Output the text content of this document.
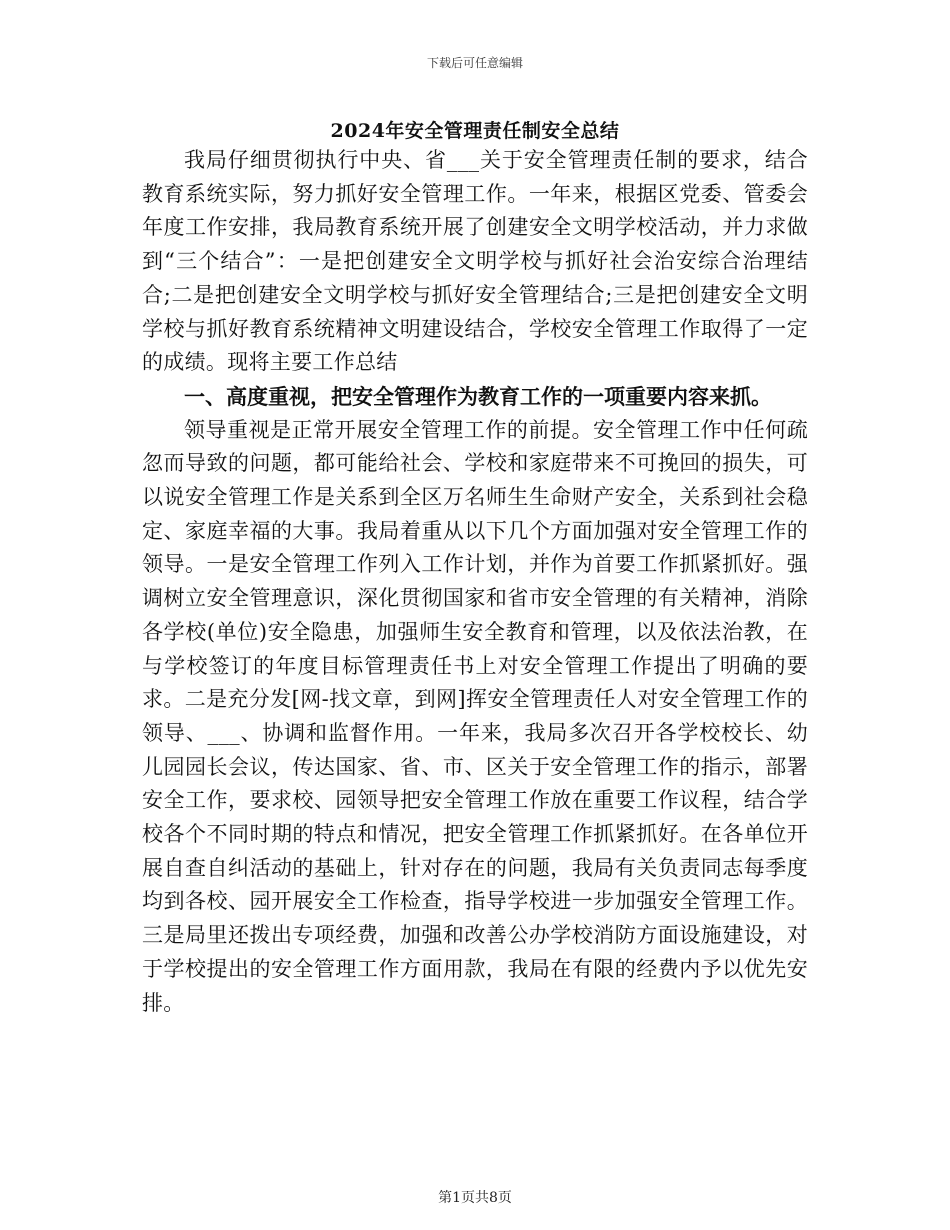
下载后可任意编辑
2024年安全管理责任制安全总结

我局仔细贯彻执行中央、省___关于安全管理责任制的要求，结合教育系统实际，努力抓好安全管理工作。一年来，根据区党委、管委会年度工作安排，我局教育系统开展了创建安全文明学校活动，并力求做到“三个结合”：一是把创建安全文明学校与抓好社会治安综合治理结合;二是把创建安全文明学校与抓好安全管理结合;三是把创建安全文明学校与抓好教育系统精神文明建设结合，学校安全管理工作取得了一定的成绩。现将主要工作总结

一、高度重视，把安全管理作为教育工作的一项重要内容来抓。

领导重视是正常开展安全管理工作的前提。安全管理工作中任何疏忽而导致的问题，都可能给社会、学校和家庭带来不可挽回的损失，可以说安全管理工作是关系到全区万名师生生命财产安全，关系到社会稳定、家庭幸福的大事。我局着重从以下几个方面加强对安全管理工作的领导。一是安全管理工作列入工作计划，并作为首要工作抓紧抓好。强调树立安全管理意识，深化贯彻国家和省市安全管理的有关精神，消除各学校(单位)安全隐患，加强师生安全教育和管理，以及依法治教，在与学校签订的年度目标管理责任书上对安全管理工作提出了明确的要求。二是充分发[网-找文章，到网]挥安全管理责任人对安全管理工作的领导、___、协调和监督作用。一年来，我局多次召开各学校校长、幼儿园园长会议，传达国家、省、市、区关于安全管理工作的指示，部署安全工作，要求校、园领导把安全管理工作放在重要工作议程，结合学校各个不同时期的特点和情况，把安全管理工作抓紧抓好。在各单位开展自查自纠活动的基础上，针对存在的问题，我局有关负责同志每季度均到各校、园开展安全工作检查，指导学校进一步加强安全管理工作。三是局里还拨出专项经费，加强和改善公办学校消防方面设施建设，对于学校提出的安全管理工作方面用款，我局在有限的经费内予以优先安排。

第1页共8页
